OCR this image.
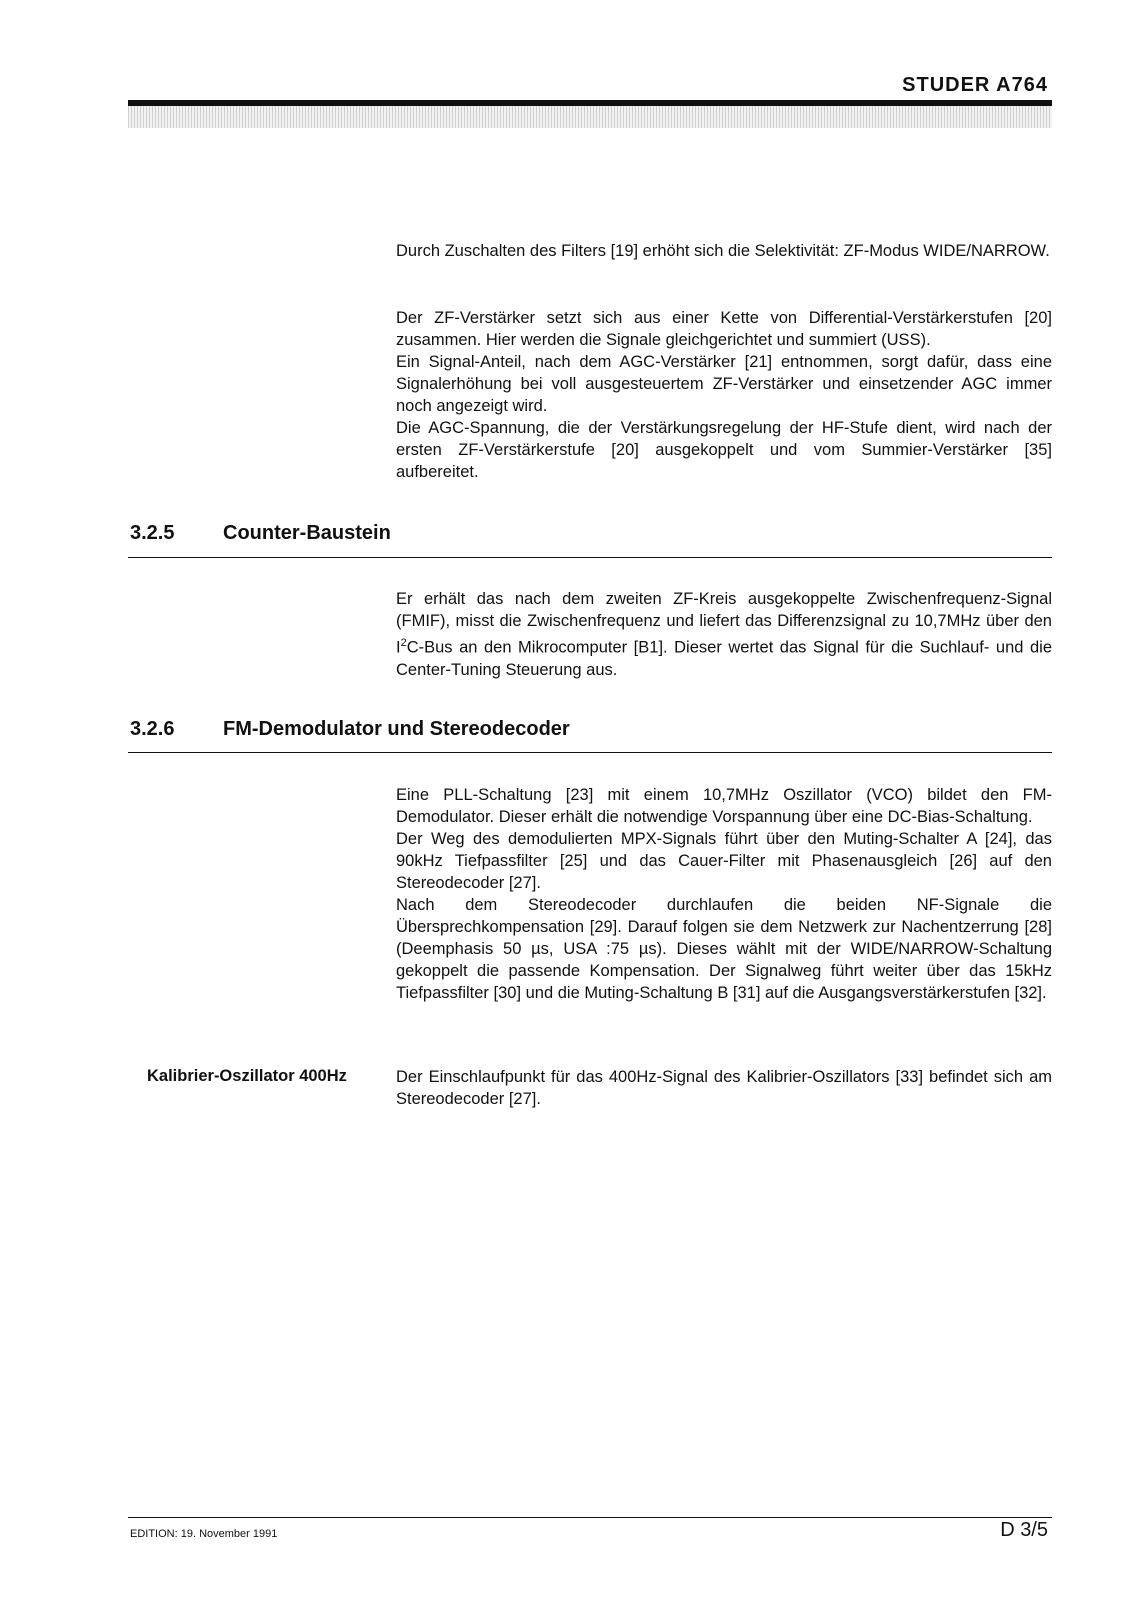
STUDER A764

Durch Zuschalten des Filters [19] erhöht sich die Selektivität: ZF-Modus WIDE/NARROW.

Der ZF-Verstärker setzt sich aus einer Kette von Differential-Verstärkerstufen [20] zusammen. Hier werden die Signale gleichgerichtet und summiert (USS).

Ein Signal-Anteil, nach dem AGC-Verstärker [21] entnommen, sorgt dafür, dass eine Signalerhöhung bei voll ausgesteuertem ZF-Verstärker und einsetzender AGC immer noch angezeigt wird.

Die AGC-Spannung, die der Verstärkungsregelung der HF-Stufe dient, wird nach der ersten ZF-Verstärkerstufe [20] ausgekoppelt und vom Summier-Verstärker [35] aufbereitet.

3.2.5 Counter-Baustein

Er erhält das nach dem zweiten ZF-Kreis ausgekoppelte Zwischenfrequenz-Signal (FMIF), misst die Zwischenfrequenz und liefert das Differenzsignal zu 10,7MHz über den $I^2C$-Bus an den Mikrocomputer [B1]. Dieser wertet das Signal für die Suchlauf- und die Center-Tuning Steuerung aus.

3.2.6 FM-Demodulator und Stereodecoder

Eine PLL-Schaltung [23] mit einem 10,7MHz Oszillator (VCO) bildet den FM-Demodulator. Dieser erhält die notwendige Vorspannung über eine DC-Bias-Schaltung.

Der Weg des demodulierten MPX-Signals führt über den Muting-Schalter A [24], das 90kHz Tiefpassfilter [25] und das Cauer-Filter mit Phasenausgleich [26] auf den Stereodecoder [27].

Nach dem Stereodecoder durchlaufen die beiden NF-Signale die Übersprechkompensation [29]. Darauf folgen sie dem Netzwerk zur Nachentzerrung [28] (Deemphasis 50 µs, USA :75 µs). Dieses wählt mit der WIDE/NARROW-Schaltung gekoppelt die passende Kompensation. Der Signalweg führt weiter über das 15kHz Tiefpassfilter [30] und die Muting-Schaltung B [31] auf die Ausgangsverstärkerstufen [32].

Kalibrier-Oszillator 400Hz	Der Einschlaufpunkt für das 400Hz-Signal des Kalibrier-Oszillators [33] befindet sich am Stereodecoder [27].

EDITION: 19. November 1991	D 3/5
